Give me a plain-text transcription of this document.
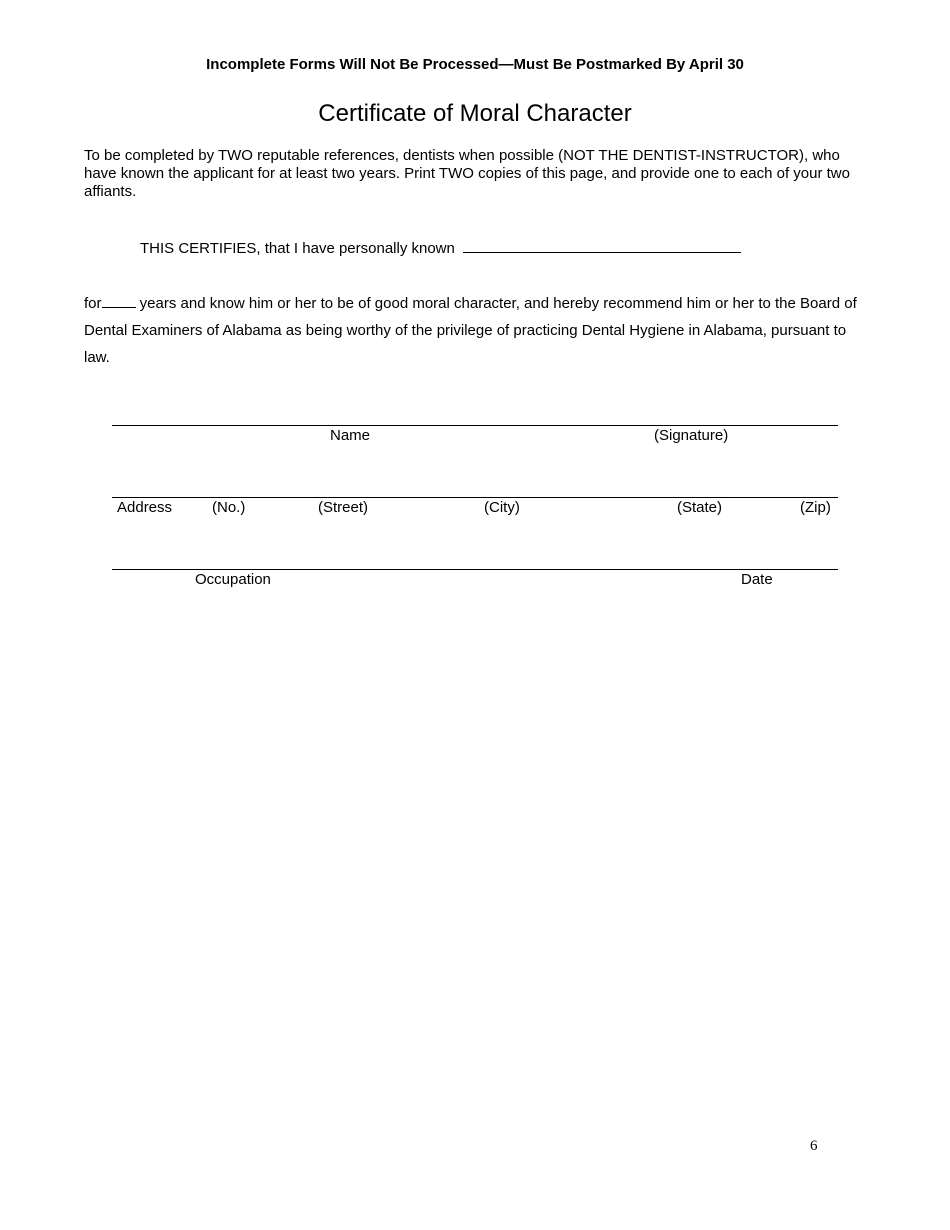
Incomplete Forms Will Not Be Processed—Must Be Postmarked By April 30
Certificate of Moral Character
To be completed by TWO reputable references, dentists when possible (NOT THE DENTIST-INSTRUCTOR), who have known the applicant for at least two years. Print TWO copies of this page, and provide one to each of your two affiants.
THIS CERTIFIES, that I have personally known
for years and know him or her to be of good moral character, and hereby recommend him or her to the Board of Dental Examiners of Alabama as being worthy of the privilege of practicing Dental Hygiene in Alabama, pursuant to law.
Name	(Signature)
Address	(No.)	(Street)	(City)	(State)	(Zip)
Occupation	Date
6
